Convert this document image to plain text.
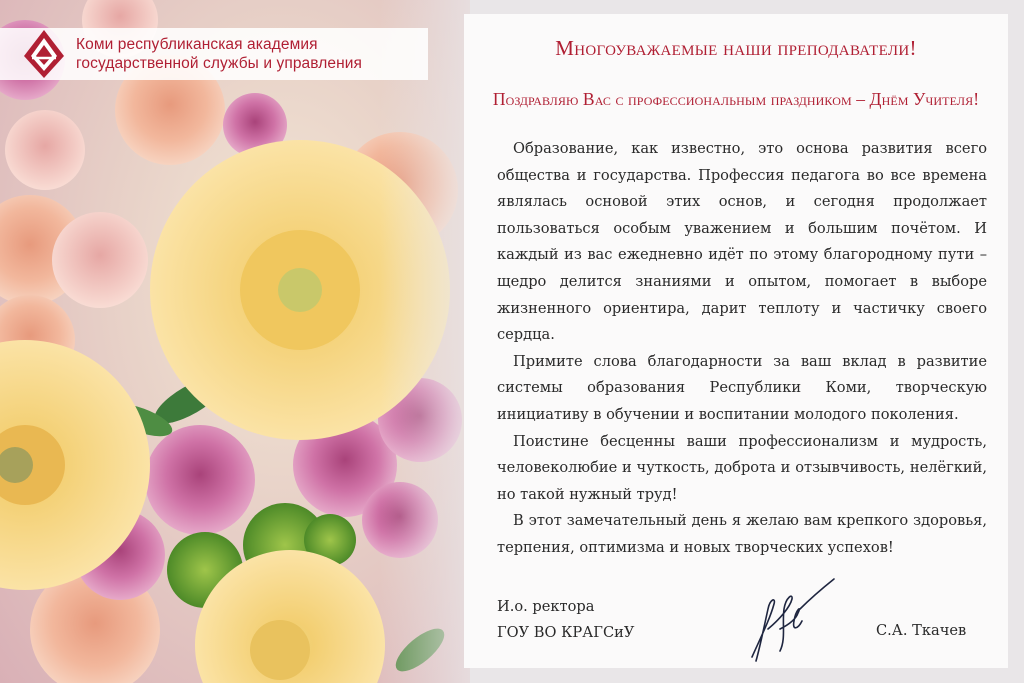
Коми республиканская академия
государственной службы и управления
Многоуважаемые наши преподаватели!
Поздравляю Вас с профессиональным праздником – Днём Учителя!

Образование, как известно, это основа развития всего общества и государства. Профессия педагога во все времена являлась основой этих основ, и сегодня продолжает пользоваться особым уважением и большим почётом. И каждый из вас ежедневно идёт по этому благородному пути – щедро делится знаниями и опытом, помогает в выборе жизненного ориентира, дарит теплоту и частичку своего сердца.

Примите слова благодарности за ваш вклад в развитие системы образования Республики Коми, творческую инициативу в обучении и воспитании молодого поколения.

Поистине бесценны ваши профессионализм и мудрость, человеколюбие и чуткость, доброта и отзывчивость, нелёгкий, но такой нужный труд!

В этот замечательный день я желаю вам крепкого здоровья, терпения, оптимизма и новых творческих успехов!

И.о. ректора
ГОУ ВО КРАГСиУ	С.А. Ткачев
